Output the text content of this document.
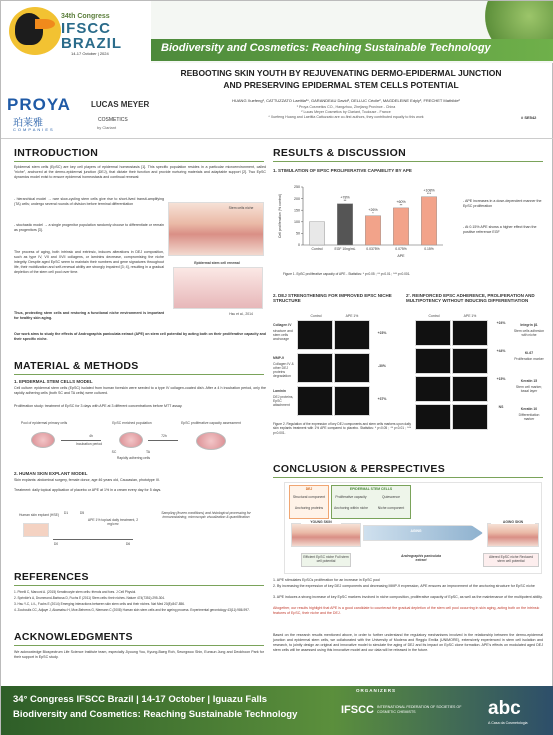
34th Congress
IFSCC
BRAZIL
14-17 October | 2024	Biodiversity and Cosmetics: Reaching Sustainable Technology
REBOOTING SKIN YOUTH BY REJUVENATING DERMO-EPIDERMAL JUNCTION
AND PRESERVING EPIDERMAL STEM CELLS POTENTIAL
HUANG Xuefeng¹, CATTUZZATO Laetitia²*, GARANDEAU David², DELLUC Cécile², MAGDELEINE Edyly², FRECHET Mathilde²
¹ Proya Cosmetics CO., Hangzhou, Zhejiang Province - China
² Lucas Meyer Cosmetics by Clariant, Toulouse - France
* Xuefeng Huang and Laetitia Cattuzzato are co-first authors, they contributed equally to this work	# SE542
PROYA
珀莱雅
COMPANIES
LUCAS MEYER
COSMETICS
by Clariant
INTRODUCTION
Epidermal stem cells (EpSC) are key cell players of epidermal homeostasis [1]. This specific population resides in a particular microenvironment, called "niche", anchored at the dermo-epidermal junction (DEJ), that dictate their function and provide nurturing materials and adaptable support [2]. Two EpSC dynamics model exist to ensure epidermal homeostasis and continual renewal:
- hierarchical model → rare slow-cycling stem cells give rise to short-lived transit-amplifying (TA) cells; undergo several rounds of division before terminal differentiation
- stochastic model → a single progenitor population randomly choose to differentiate or remain as progenitors [3].
The process of aging, both intrinsic and extrinsic, induces alterations in DEJ composition, such as type IV, VII and XVII collagens, or laminins decrease, compromising the niche integrity. Despite aged EpSC seem to maintain their numbers and gene signatures throughout life, their mobilization and self-renewal ability are strongly impaired [3; 4], resulting in a gradual depletion of the stem cell pool over time.
Thus, protecting stem cells and restoring a functional niche environment is important for healthy skin aging.
Our work aims to study the effects of Andrographis paniculata extract (APE) on stem cell potential by acting both on their proliferative capacity and their specific niche.
Stem cells niche
Epidermal stem cell renewal
Hsu et al., 2014
MATERIAL & METHODS
1. EPIDERMAL STEM CELLS MODEL
Cell culture: epidermal stem cells (EpSC) isolated from human foreskin were seeded to a type IV collagen-coated dish. After a 4 h incubation period, only the rapidly adhering cells (both SC and TA cells) were cultured.
Proliferation study: treatment of EpSC for 3 days with APE at 3 different concentrations before MTT assay.
Pool of epidermal primary cells
Incubation period
4h
EpSC enriched population
SC	TA
Rapidly adhering cells
72h
EpSC proliferative capacity assessment
2. HUMAN SKIN EXPLANT MODEL
Skin explants: abdominal surgery, female donor, age 46 years old, Caucasian, phototype III.
Treatment: daily topical application of placebo or APE at 1% in a cream every day for 5 days.
Human skin explant (HSE)	D1	D5
APE 1% topical daily treatment, 2 mg/cm²
D0	D6
Sampling (frozen conditions) and histological processing for immunostaining, microscopic visualization & quantification
REFERENCES
1. Pinelli C, Marconi A. (2015) Keratinocyte stem cells: friends and foes. J Cell Physiol.
2. Sprinkle's A, Drummond-Barbosa D, Fuchs E (2011) Stem cells: their niches. Nature 474(7351):295-304.
3. Hsu Y-C, Li L, Fuchs E (2014) Emerging interactions between skin stem cells and their niches. Nat Med 20(8):847-856.
4. Zouboulis CC, Adjaye J, Akamatsu H, Moe-Behrens G, Niemann C (2008) Human skin stem cells and the ageing process. Experimental gerontology 43(11):986-997.
ACKNOWLEDGMENTS
We acknowledge Biospectrum Life Science Institute team, especially Jiyoung You, Kyung-Baeg Roh, Seungwoo Shin, Eunsun Jung and Deokhoon Park for their support in EpSC study.
RESULTS & DISCUSSION
1. STIMULATION OF EPSC PROLIFERATIVE CAPABILITY BY APE
0
50
100
150
200
250
Cell proliferation (% control)
Control
+78%
**
EGF 10ng/mL
+26%
*
0.0375%
+60%
**
0.075%
+108%
***
0.15%
APE
- APE increases in a dose-dependent manner the EpSC proliferation
- At 0.15% APE shows a higher effect than the positive reference EGF
Figure 1. EpSC proliferative capacity of APE - Statistics: * p<0.05 ; ** p<0.01 ; *** p<0.001.
2. DEJ STRENGTHENING FOR IMPROVED EPSC NICHE STRUCTURE
2'. REINFORCED EPSC ADHERENCE, PROLIFERATION AND MULTIPOTENCY WITHOUT INDUCING DIFFERENTIATION
Control	APE 1%	Control	APE 1%
Collagen IV
structure and stem cells anchorage
MMP-9
Collagen IV & other DEJ proteins degradation
Laminin
DEJ proteins, EpSC attachment
+23%
-30%
+37%
+24%
+44%
+15%
NS
Integrin β1
Stem cells adhesion with niche
Ki-67
Proliferation marker
Keratin 15
Stem cell marker, basal layer
Keratin 10
Differentiation marker
Figure 2. Regulation of the expression of key DEJ components and stem cells markers upon daily skin explants treatment with 1% APE compared to placebo. Statistics: * p<0.05 ; ** p<0.01 ; *** p<0.001.
CONCLUSION & PERSPECTIVES
DEJ
Structural component
Anchoring proteins
EPIDERMAL STEM CELLS
Proliferative capacity
Anchoring within niche
Quiescence
Niche component
YOUNG SKIN
AGING
AGING SKIN
Efficient EpSC niche Full stem cell potential
Andrographis paniculata extract
Altered EpSC niche Reduced stem cell potential
1. APE stimulates EpSCs proliferation for an increase in EpSC pool
2. By increasing the expression of key DEJ components and decreasing MMP-9 expression, APE ensures an improvement of the anchoring structure for EpSC niche
3. APE induces a strong increase of key EpSC markers involved in niche composition, proliferative capacity of EpSC, as well as the maintenance of the multipotent ability.
Altogether, our results highlight that APE is a good candidate to counteract the gradual depletion of the stem cell pool occurring in skin aging, acting both on the intrinsic features of EpSC, their niche and the DEJ.
Based on the research results mentioned above, in order to further understand the regulatory mechanisms involved in the relationship between the dermo-epidermal junction and epidermal stem cells, we collaborated with the University of Modena and Reggio Emilia (UNIMORE), extensively experienced in stem cell isolation and research, to jointly design an original and innovative model to simulate the aging of DEJ and its impact on EpSC clone formation. APE's effects on modulated aged DEJ stem cells will be assessed using this innovative model and our data will be released in the future.
34° Congress IFSCC Brazil | 14-17 October | Iguazu Falls
Biodiversity and Cosmetics: Reaching Sustainable Technology
ORGANIZERS
IFSCC INTERNATIONAL FEDERATION OF SOCIETIES OF COSMETIC CHEMISTS	abc
A Casa da Cosmetologia
